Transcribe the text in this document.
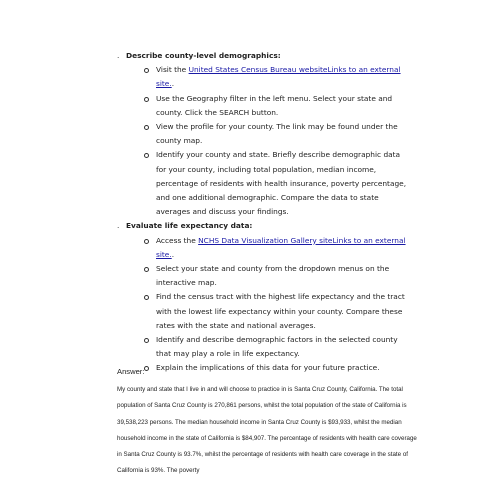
. Describe county-level demographics:
Visit the United States Census Bureau websiteLinks to an external site..
Use the Geography filter in the left menu. Select your state and county. Click the SEARCH button.
View the profile for your county. The link may be found under the county map.
Identify your county and state. Briefly describe demographic data for your county, including total population, median income, percentage of residents with health insurance, poverty percentage, and one additional demographic. Compare the data to state averages and discuss your findings.
. Evaluate life expectancy data:
Access the NCHS Data Visualization Gallery siteLinks to an external site..
Select your state and county from the dropdown menus on the interactive map.
Find the census tract with the highest life expectancy and the tract with the lowest life expectancy within your county. Compare these rates with the state and national averages.
Identify and describe demographic factors in the selected county that may play a role in life expectancy.
Explain the implications of this data for your future practice.
Answer:
My county and state that I live in and will choose to practice in is Santa Cruz County, California. The total population of Santa Cruz County is 270,861 persons, whilst the total population of the state of California is 39,538,223 persons. The median household income in Santa Cruz County is $93,933, whilst the median household income in the state of California is $84,907. The percentage of residents with health care coverage in Santa Cruz County is 93.7%, whilst the percentage of residents with health care coverage in the state of California is 93%. The poverty
